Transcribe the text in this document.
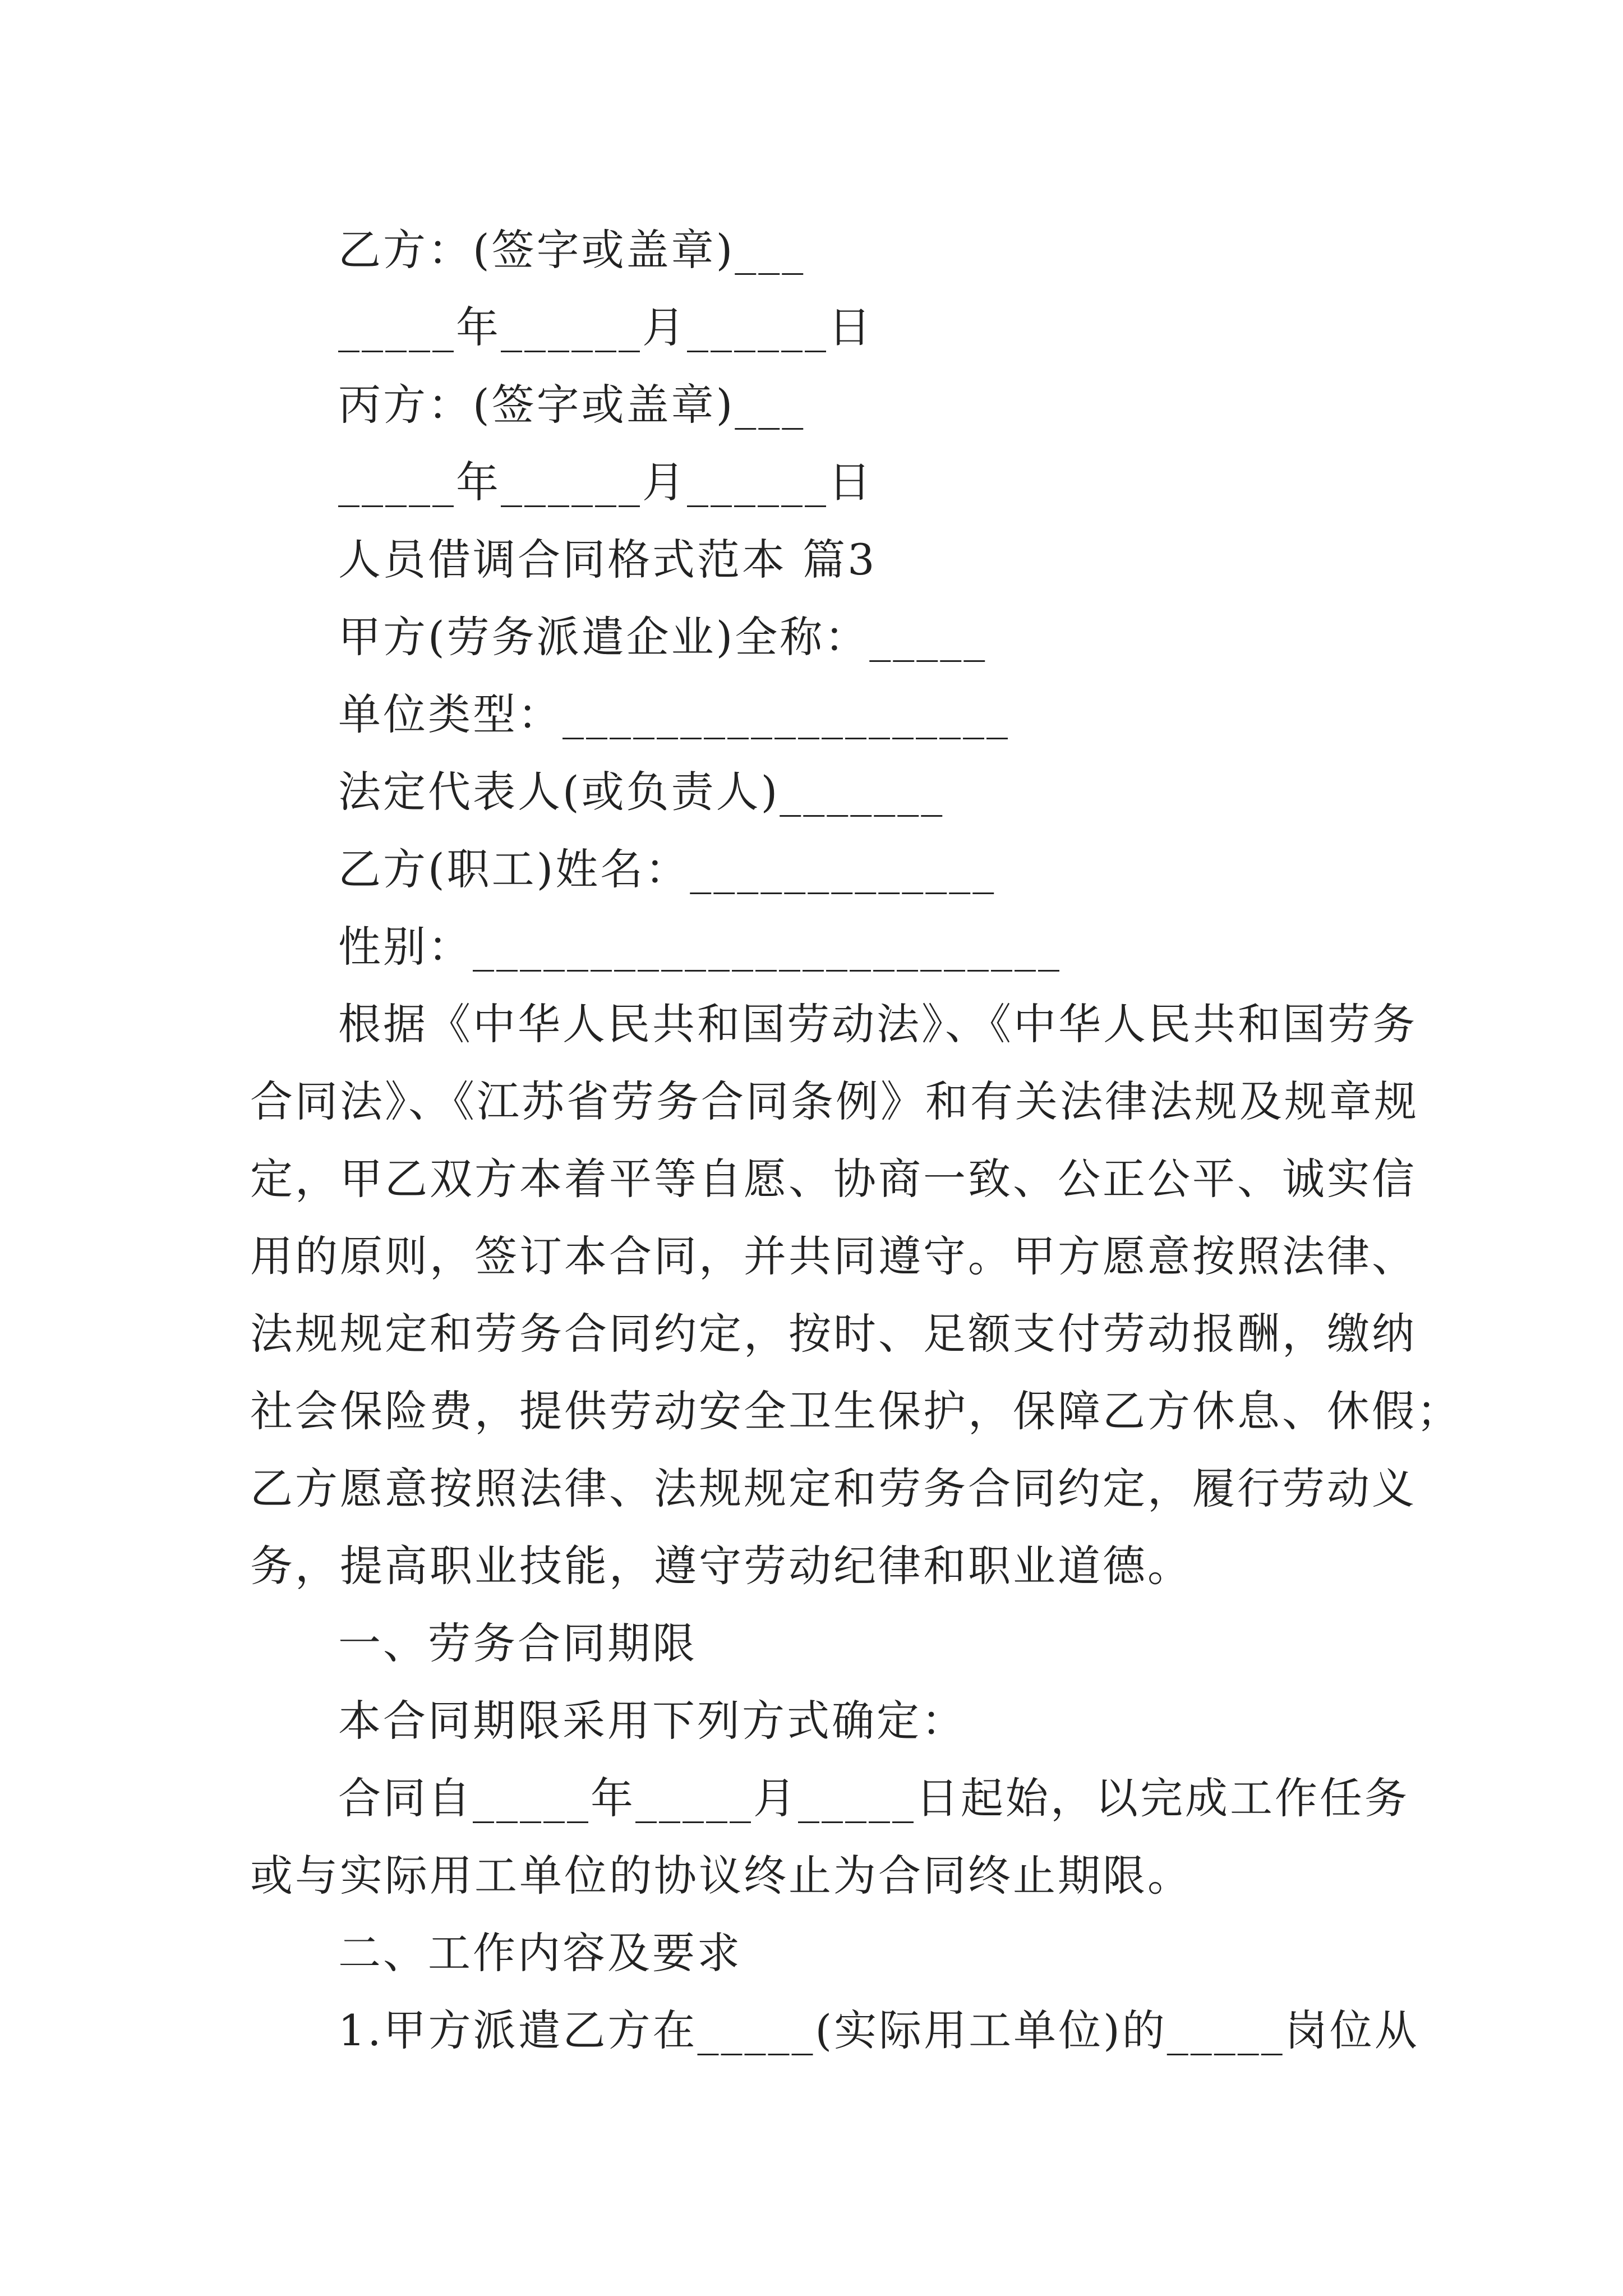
乙方：(签字或盖章)___
_____年______月______日
丙方：(签字或盖章)___
_____年______月______日
人员借调合同格式范本 篇3
甲方(劳务派遣企业)全称：_____
单位类型：___________________
法定代表人(或负责人)_______
乙方(职工)姓名：_____________
性别：_________________________
根据《中华人民共和国劳动法》、《中华人民共和国劳务
合同法》、《江苏省劳务合同条例》和有关法律法规及规章规
定，甲乙双方本着平等自愿、协商一致、公正公平、诚实信
用的原则，签订本合同，并共同遵守。甲方愿意按照法律、
法规规定和劳务合同约定，按时、足额支付劳动报酬，缴纳
社会保险费，提供劳动安全卫生保护，保障乙方休息、休假；
乙方愿意按照法律、法规规定和劳务合同约定，履行劳动义
务，提高职业技能，遵守劳动纪律和职业道德。
一、劳务合同期限
本合同期限采用下列方式确定：
合同自_____年_____月_____日起始，以完成工作任务
或与实际用工单位的协议终止为合同终止期限。
二、工作内容及要求
1.甲方派遣乙方在_____(实际用工单位)的_____岗位从
